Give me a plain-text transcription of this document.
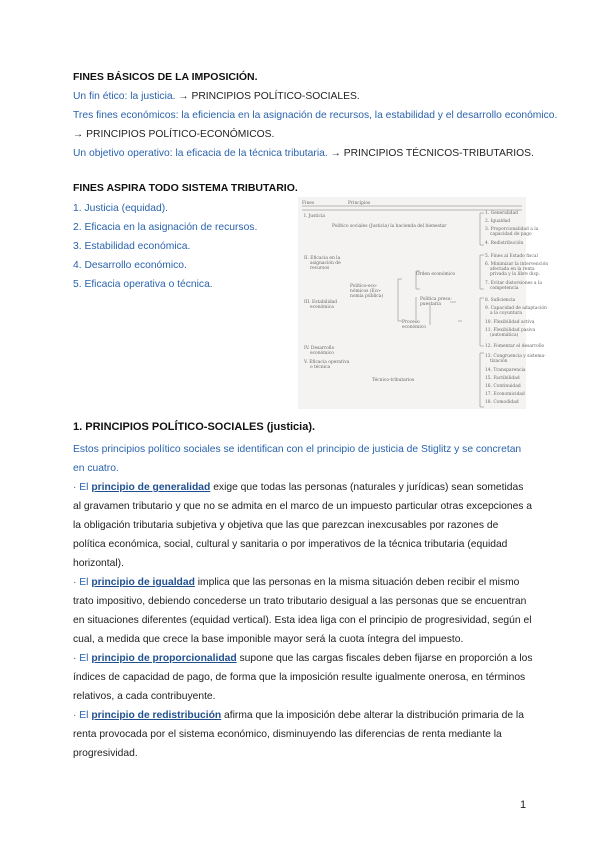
FINES BÁSICOS DE LA IMPOSICIÓN.
Un fin ético: la justicia. → PRINCIPIOS POLÍTICO-SOCIALES.
Tres fines económicos: la eficiencia en la asignación de recursos, la estabilidad y el desarrollo económico.
→ PRINCIPIOS POLÍTICO-ECONÓMICOS.
Un objetivo operativo: la eficacia de la técnica tributaria. → PRINCIPIOS TÉCNICOS-TRIBUTARIOS.
FINES ASPIRA TODO SISTEMA TRIBUTARIO.
1. Justicia (equidad).
2. Eficacia en la asignación de recursos.
3. Estabilidad económica.
4. Desarrollo económico.
5. Eficacia operativa o técnica.
Fines	Principios
I. Justicia
Político sociales (Justicia) la hacienda del bienestar
II. Eficacia en la
asignación de
recursos
Político-eco-
nómicos (Eco-
nomía pública)
Orden económico
III. Estabilidad
económica
Política presu-
puestaria
Proceso
económico
IV. Desarrollo
económico
V. Eficacia operativa
o técnica
Técnico-tributarios
1. Generalidad
2. Igualdad
3. Proporcionalidad a la
capacidad de pago
4. Redistribución
5. Fines al Estado fiscal
6. Minimizar la intervención
afectada en la renta
privada y la libre disp.
7. Evitar distorsiones a la
competencia
8. Suficiencia
9. Capacidad de adaptación
a la coyuntura
10. Flexibilidad activa
11. Flexibilidad pasiva
(automática)
12. Fomentar el desarrollo
13. Congruencia y sistema-
tización
14. Transparencia
15. Factibilidad
16. Continuidad
17. Economicidad
18. Comodidad
1. PRINCIPIOS POLÍTICO-SOCIALES (justicia).

Estos principios político sociales se identifican con el principio de justicia de Stiglitz y se concretan en cuatro.

· El principio de generalidad exige que todas las personas (naturales y jurídicas) sean sometidas al gravamen tributario y que no se admita en el marco de un impuesto particular otras excepciones a la obligación tributaria subjetiva y objetiva que las que parezcan inexcusables por razones de política económica, social, cultural y sanitaria o por imperativos de la técnica tributaria (equidad horizontal).

· El principio de igualdad implica que las personas en la misma situación deben recibir el mismo trato impositivo, debiendo concederse un trato tributario desigual a las personas que se encuentran en situaciones diferentes (equidad vertical). Esta idea liga con el principio de progresividad, según el cual, a medida que crece la base imponible mayor será la cuota íntegra del impuesto.

· El principio de proporcionalidad supone que las cargas fiscales deben fijarse en proporción a los índices de capacidad de pago, de forma que la imposición resulte igualmente onerosa, en términos relativos, a cada contribuyente.

· El principio de redistribución afirma que la imposición debe alterar la distribución primaria de la renta provocada por el sistema económico, disminuyendo las diferencias de renta mediante la progresividad.

1
